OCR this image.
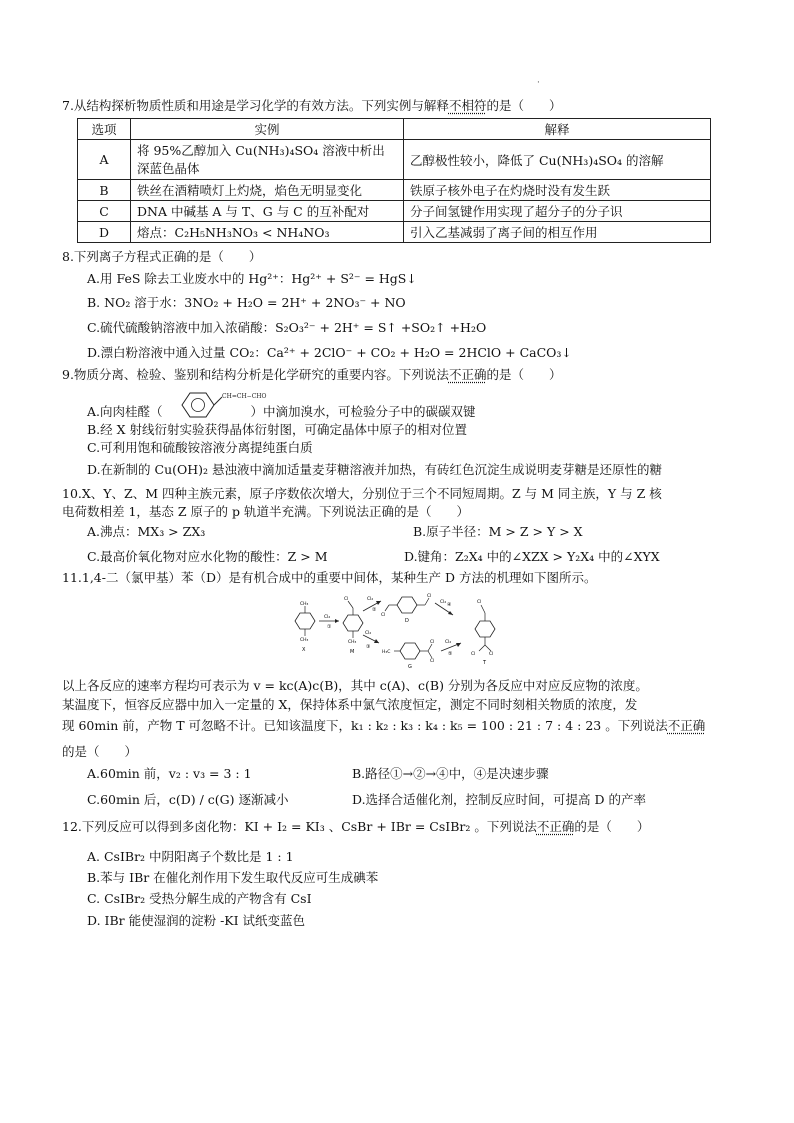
·
7.从结构探析物质性质和用途是学习化学的有效方法。下列实例与解释不相符的是（　　）
选项	实例	解释
A	将 95%乙醇加入 Cu(NH₃)₄SO₄ 溶液中析出深蓝色晶体	乙醇极性较小，降低了 Cu(NH₃)₄SO₄ 的溶解
B	铁丝在酒精喷灯上灼烧，焰色无明显变化	铁原子核外电子在灼烧时没有发生跃
C	DNA 中碱基 A 与 T、G 与 C 的互补配对	分子间氢键作用实现了超分子的分子识
D	熔点：C₂H₅NH₃NO₃ < NH₄NO₃	引入乙基减弱了离子间的相互作用
8.下列离子方程式正确的是（　　）
A.用 FeS 除去工业废水中的 Hg²⁺：Hg²⁺ + S²⁻ = HgS↓
B. NO₂ 溶于水：3NO₂ + H₂O = 2H⁺ + 2NO₃⁻ + NO
C.硫代硫酸钠溶液中加入浓硝酸：S₂O₃²⁻ + 2H⁺ = S↑ +SO₂↑ +H₂O
D.漂白粉溶液中通入过量 CO₂：Ca²⁺ + 2ClO⁻ + CO₂ + H₂O = 2HClO + CaCO₃↓
9.物质分离、检验、鉴别和结构分析是化学研究的重要内容。下列说法不正确的是（　　）
CH=CH−CHO
A.向肉桂醛（	）中滴加溴水，可检验分子中的碳碳双键
B.经 X 射线衍射实验获得晶体衍射图，可确定晶体中原子的相对位置
C.可利用饱和硫酸铵溶液分离提纯蛋白质
D.在新制的 Cu(OH)₂ 悬浊液中滴加适量麦芽糖溶液并加热，有砖红色沉淀生成说明麦芽糖是还原性的糖
10.X、Y、Z、M 四种主族元素，原子序数依次增大，分别位于三个不同短周期。Z 与 M 同主族，Y 与 Z 核
电荷数相差 1，基态 Z 原子的 p 轨道半充满。下列说法正确的是（　　）
A.沸点：MX₃ > ZX₃	B.原子半径：M > Z > Y > X
C.最高价氧化物对应水化物的酸性：Z > M	D.键角：Z₂X₄ 中的∠XZX > Y₂X₄ 中的∠XYX
11.1,4-二（氯甲基）苯（D）是有机合成中的重要中间体，某种生产 D 方法的机理如下图所示。
CH₃
CH₃
X
Cl₂
①
Cl
CH₃
M
Cl₂
②
Cl
Cl
D
Cl₂ ④
Cl₂
③
H₃C
Cl
Cl
G
Cl₂
⑤
Cl
Cl	Cl
T
以上各反应的速率方程均可表示为 v = kc(A)c(B)，其中 c(A)、c(B) 分别为各反应中对应反应物的浓度。
某温度下，恒容反应器中加入一定量的 X，保持体系中氯气浓度恒定，测定不同时刻相关物质的浓度，发
现 60min 前，产物 T 可忽略不计。已知该温度下，k₁ : k₂ : k₃ : k₄ : k₅ = 100 : 21 : 7 : 4 : 23 。下列说法不正确
的是（　　）
A.60min 前，v₂ : v₃ = 3 : 1	B.路径①→②→④中，④是决速步骤
C.60min 后，c(D) / c(G) 逐渐减小	D.选择合适催化剂，控制反应时间，可提高 D 的产率
12.下列反应可以得到多卤化物：KI + I₂ = KI₃ 、CsBr + IBr = CsIBr₂ 。下列说法不正确的是（　　）
A. CsIBr₂ 中阴阳离子个数比是 1 : 1
B.苯与 IBr 在催化剂作用下发生取代反应可生成碘苯
C. CsIBr₂ 受热分解生成的产物含有 CsI
D. IBr 能使湿润的淀粉 -KI 试纸变蓝色
